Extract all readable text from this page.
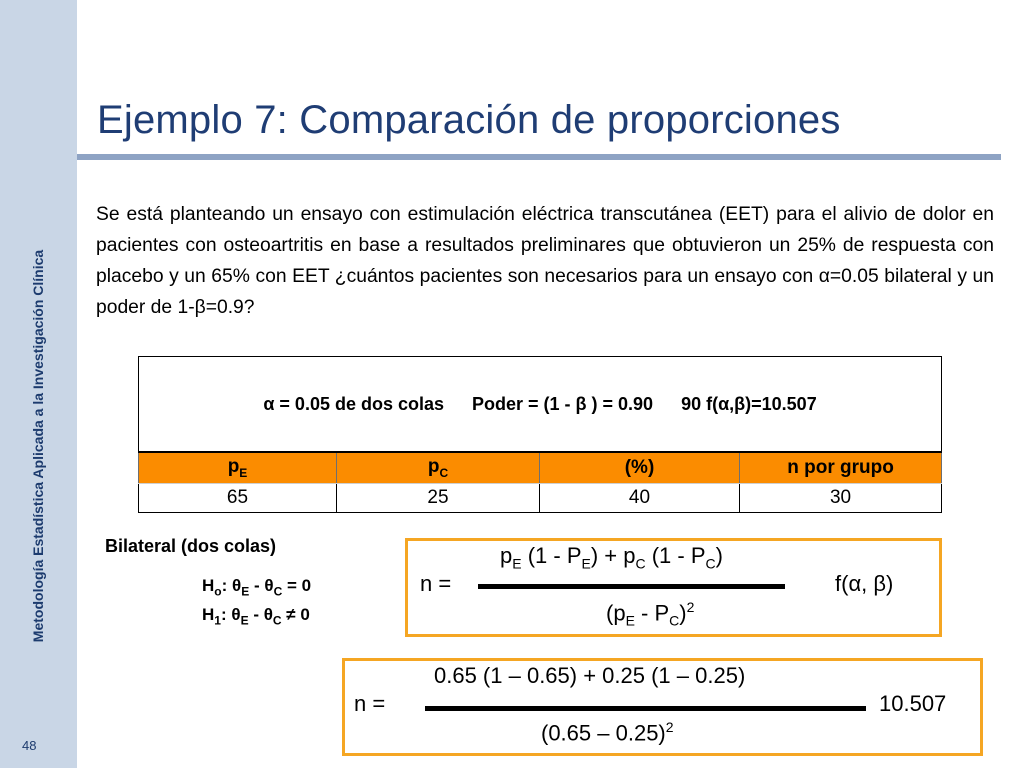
Metodología Estadística Aplicada a la Investigación Clínica
48
Ejemplo 7: Comparación de proporciones
Se está planteando un ensayo con estimulación eléctrica transcutánea (EET) para el alivio de dolor en pacientes con osteoartritis en base a resultados preliminares que obtuvieron un 25% de respuesta con placebo y un 65% con EET ¿cuántos pacientes son necesarios para un ensayo con α=0.05 bilateral y un poder de 1-β=0.9?
α = 0.05 de dos colas Poder = (1 - β ) = 0.90 90 f(α,β)=10.507			
$p_E$	$p_C$	(%)	n por grupo
65	25	40	30
Bilateral (dos colas)
$H_o$: $\theta_E - \theta_C = 0$
$H_1$: $\theta_E - \theta_C \ne 0$
$p_E$ $(1 - P_E) + p_C$ $(1 - P_C)$
n =
$(p_E - P_C)^2$
f(α, β)
0.65 (1 – 0.65) + 0.25 (1 – 0.25)
n =
(0.65 – 0.25)$^2$
10.507
